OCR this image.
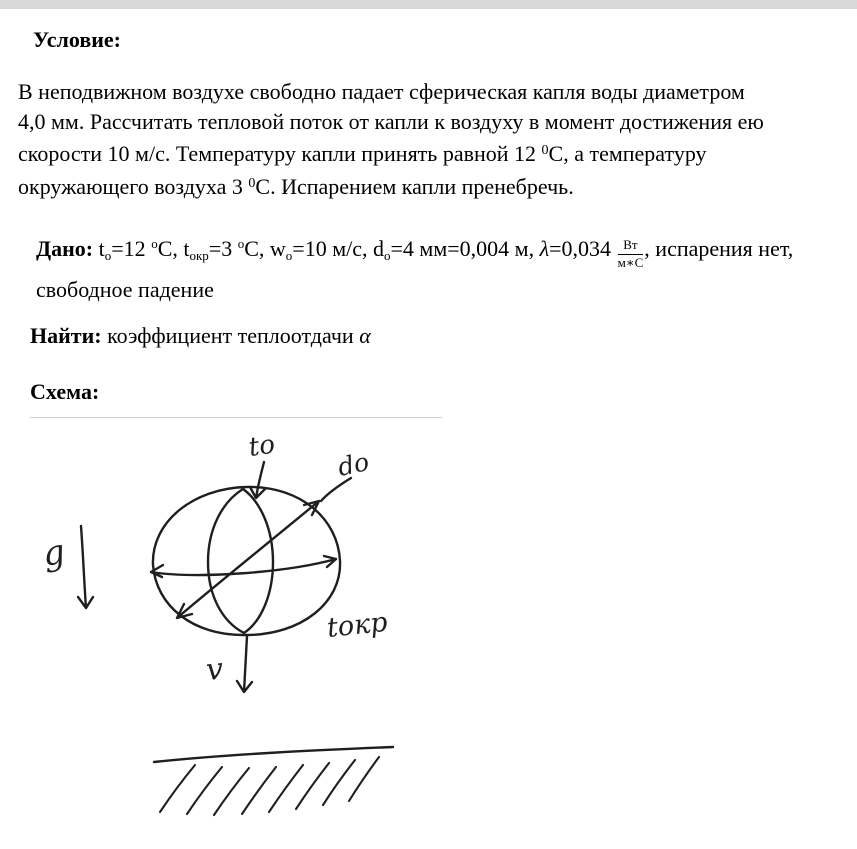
Условие:

В неподвижном воздухе свободно падает сферическая капля воды диаметром 4,0 мм. Рассчитать тепловой поток от капли к воздуху в момент достижения ею скорости 10 м/с. Температуру капли принять равной 12 $^0$С, а температуру окружающего воздуха 3 $^0$С. Испарением капли пренебречь.

Дано: $t_о=12$ $^о$С, $t_{окр}=3$ $^о$С, $w_о=10$ м/с, $d_о=4$ мм=0,004 м, $\lambda=0,034 \frac{Вт}{м∗С}$ , испарения нет, свободное падение

Найти: коэффициент теплоотдачи α

Схема:
tо
dо
tокр
v
g
